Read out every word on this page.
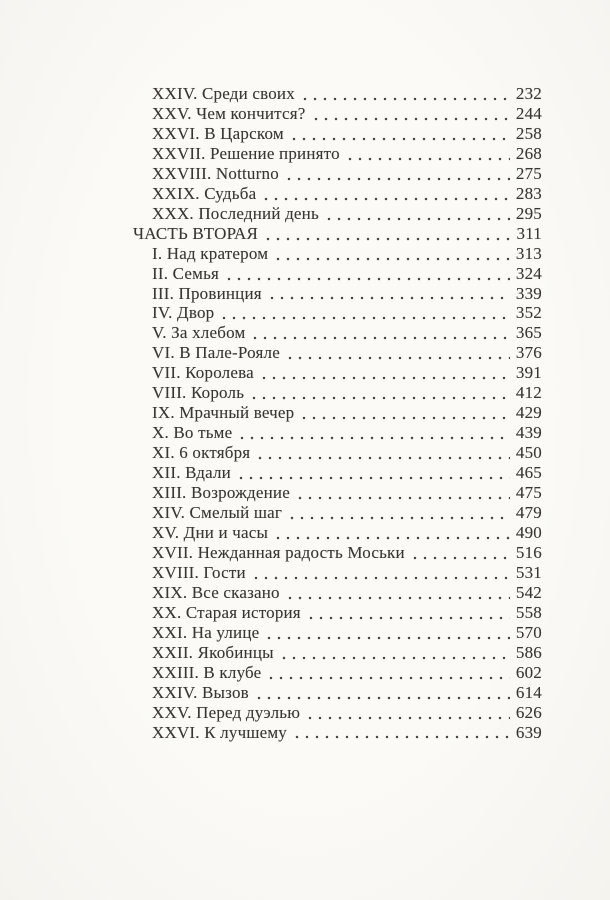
XXIV. Среди своих	232
XXV. Чем кончится?	244
XXVI. В Царском	258
XXVII. Решение принято	268
XXVIII. Notturno	275
XXIX. Судьба	283
XXX. Последний день	295
ЧАСТЬ ВТОРАЯ	311
I. Над кратером	313
II. Семья	324
III. Провинция	339
IV. Двор	352
V. За хлебом	365
VI. В Пале-Рояле	376
VII. Королева	391
VIII. Король	412
IX. Мрачный вечер	429
X. Во тьме	439
XI. 6 октября	450
XII. Вдали	465
XIII. Возрождение	475
XIV. Смелый шаг	479
XV. Дни и часы	490
XVII. Нежданная радость Моськи	516
XVIII. Гости	531
XIX. Все сказано	542
XX. Старая история	558
XXI. На улице	570
XXII. Якобинцы	586
XXIII. В клубе	602
XXIV. Вызов	614
XXV. Перед дуэлью	626
XXVI. К лучшему	639
